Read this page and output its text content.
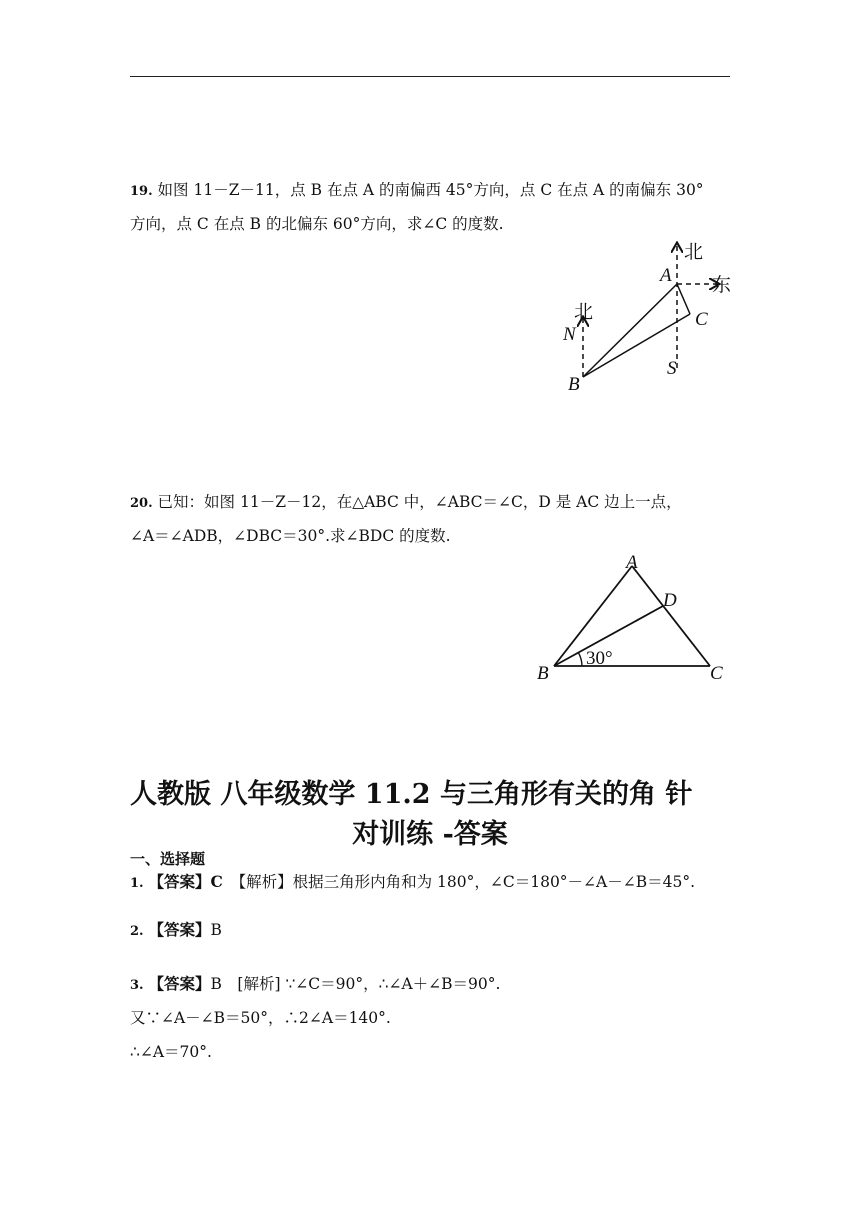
19. 如图 11－Z－11，点 B 在点 A 的南偏西 45°方向，点 C 在点 A 的南偏东 30°
方向，点 C 在点 B 的北偏东 60°方向，求∠C 的度数.
北
东
A
C
北
N
S
B
20. 已知：如图 11－Z－12，在△ABC 中，∠ABC＝∠C，D 是 AC 边上一点，
∠A＝∠ADB，∠DBC＝30°.求∠BDC 的度数.
A
D
B	C
30°
人教版 八年级数学 11.2 与三角形有关的角 针
对训练 -答案
一、选择题
1. 【答案】C　【解析】根据三角形内角和为 180°，∠C＝180°－∠A－∠B＝45°.
2. 【答案】B
3. 【答案】B　[解析] ∵∠C＝90°，∴∠A＋∠B＝90°.
又∵∠A－∠B＝50°，∴2∠A＝140°.
∴∠A＝70°.
